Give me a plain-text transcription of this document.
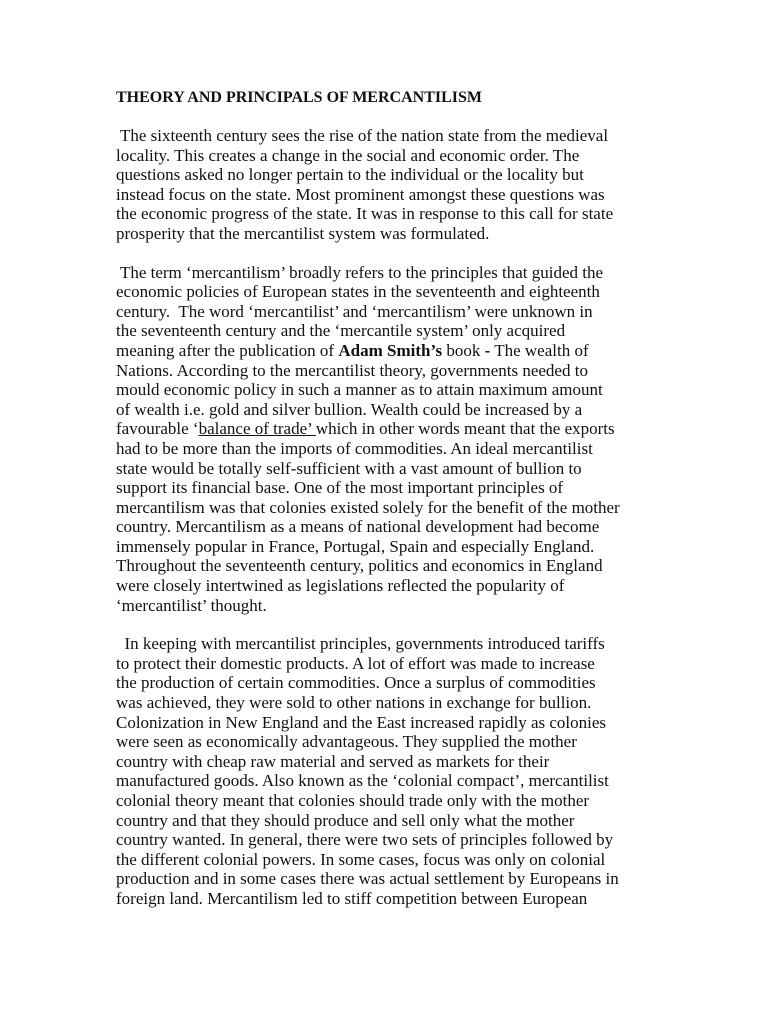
THEORY AND PRINCIPALS OF MERCANTILISM
The sixteenth century sees the rise of the nation state from the medieval
locality. This creates a change in the social and economic order. The
questions asked no longer pertain to the individual or the locality but
instead focus on the state. Most prominent amongst these questions was
the economic progress of the state. It was in response to this call for state
prosperity that the mercantilist system was formulated.
The term ‘mercantilism’ broadly refers to the principles that guided the
economic policies of European states in the seventeenth and eighteenth
century.  The word ‘mercantilist’ and ‘mercantilism’ were unknown in
the seventeenth century and the ‘mercantile system’ only acquired
meaning after the publication of Adam Smith’s book - The wealth of
Nations. According to the mercantilist theory, governments needed to
mould economic policy in such a manner as to attain maximum amount
of wealth i.e. gold and silver bullion. Wealth could be increased by a
favourable ‘balance of trade’ which in other words meant that the exports
had to be more than the imports of commodities. An ideal mercantilist
state would be totally self-sufficient with a vast amount of bullion to
support its financial base. One of the most important principles of
mercantilism was that colonies existed solely for the benefit of the mother
country. Mercantilism as a means of national development had become
immensely popular in France, Portugal, Spain and especially England.
Throughout the seventeenth century, politics and economics in England
were closely intertwined as legislations reflected the popularity of
‘mercantilist’ thought.
In keeping with mercantilist principles, governments introduced tariffs
to protect their domestic products. A lot of effort was made to increase
the production of certain commodities. Once a surplus of commodities
was achieved, they were sold to other nations in exchange for bullion.
Colonization in New England and the East increased rapidly as colonies
were seen as economically advantageous. They supplied the mother
country with cheap raw material and served as markets for their
manufactured goods. Also known as the ‘colonial compact’, mercantilist
colonial theory meant that colonies should trade only with the mother
country and that they should produce and sell only what the mother
country wanted. In general, there were two sets of principles followed by
the different colonial powers. In some cases, focus was only on colonial
production and in some cases there was actual settlement by Europeans in
foreign land. Mercantilism led to stiff competition between European
